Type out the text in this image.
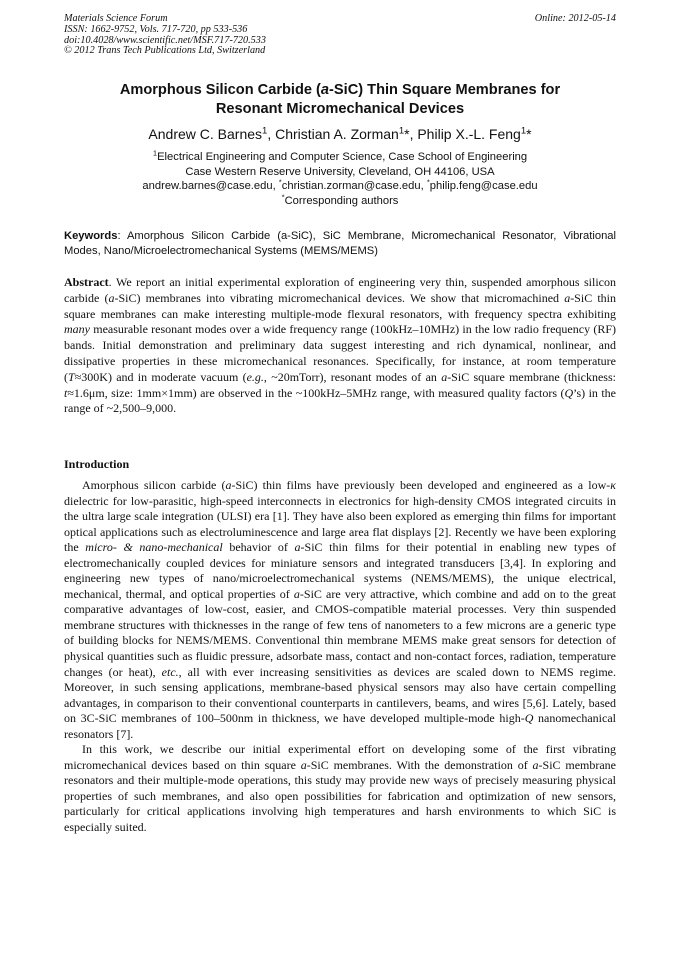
Materials Science Forum
ISSN: 1662-9752, Vols. 717-720, pp 533-536
doi:10.4028/www.scientific.net/MSF.717-720.533
© 2012 Trans Tech Publications Ltd, Switzerland
Online: 2012-05-14
Amorphous Silicon Carbide (a-SiC) Thin Square Membranes for
Resonant Micromechanical Devices
Andrew C. Barnes$^1$, Christian A. Zorman$^1$*, Philip X.-L. Feng$^1$*
$^1$Electrical Engineering and Computer Science, Case School of Engineering
Case Western Reserve University, Cleveland, OH 44106, USA
andrew.barnes@case.edu, *christian.zorman@case.edu, *philip.feng@case.edu
*Corresponding authors
Keywords: Amorphous Silicon Carbide (a-SiC), SiC Membrane, Micromechanical Resonator, Vibrational Modes, Nano/Microelectromechanical Systems (MEMS/MEMS)
Abstract. We report an initial experimental exploration of engineering very thin, suspended amorphous silicon carbide (a-SiC) membranes into vibrating micromechanical devices. We show that micromachined a-SiC thin square membranes can make interesting multiple-mode flexural resonators, with frequency spectra exhibiting many measurable resonant modes over a wide frequency range (100kHz–10MHz) in the low radio frequency (RF) bands. Initial demonstration and preliminary data suggest interesting and rich dynamical, nonlinear, and dissipative properties in these micromechanical resonances. Specifically, for instance, at room temperature (T≈300K) and in moderate vacuum (e.g., ~20mTorr), resonant modes of an a-SiC square membrane (thickness: t≈1.6μm, size: 1mm×1mm) are observed in the ~100kHz–5MHz range, with measured quality factors (Q’s) in the range of ~2,500–9,000.
Introduction

Amorphous silicon carbide (a-SiC) thin films have previously been developed and engineered as a low-κ dielectric for low-parasitic, high-speed interconnects in electronics for high-density CMOS integrated circuits in the ultra large scale integration (ULSI) era [1]. They have also been explored as emerging thin films for important optical applications such as electroluminescence and large area flat displays [2]. Recently we have been exploring the micro- & nano-mechanical behavior of a-SiC thin films for their potential in enabling new types of electromechanically coupled devices for miniature sensors and integrated transducers [3,4]. In exploring and engineering new types of nano/microelectromechanical systems (NEMS/MEMS), the unique electrical, mechanical, thermal, and optical properties of a-SiC are very attractive, which combine and add on to the great comparative advantages of low-cost, easier, and CMOS-compatible material processes. Very thin suspended membrane structures with thicknesses in the range of few tens of nanometers to a few microns are a generic type of building blocks for NEMS/MEMS. Conventional thin membrane MEMS make great sensors for detection of physical quantities such as fluidic pressure, adsorbate mass, contact and non-contact forces, radiation, temperature changes (or heat), etc., all with ever increasing sensitivities as devices are scaled down to NEMS regime. Moreover, in such sensing applications, membrane-based physical sensors may also have certain compelling advantages, in comparison to their conventional counterparts in cantilevers, beams, and wires [5,6]. Lately, based on 3C-SiC membranes of 100–500nm in thickness, we have developed multiple-mode high-Q nanomechanical resonators [7].

In this work, we describe our initial experimental effort on developing some of the first vibrating micromechanical devices based on thin square a-SiC membranes. With the demonstration of a-SiC membrane resonators and their multiple-mode operations, this study may provide new ways of precisely measuring physical properties of such membranes, and also open possibilities for fabrication and optimization of new sensors, particularly for critical applications involving high temperatures and harsh environments to which SiC is especially suited.
